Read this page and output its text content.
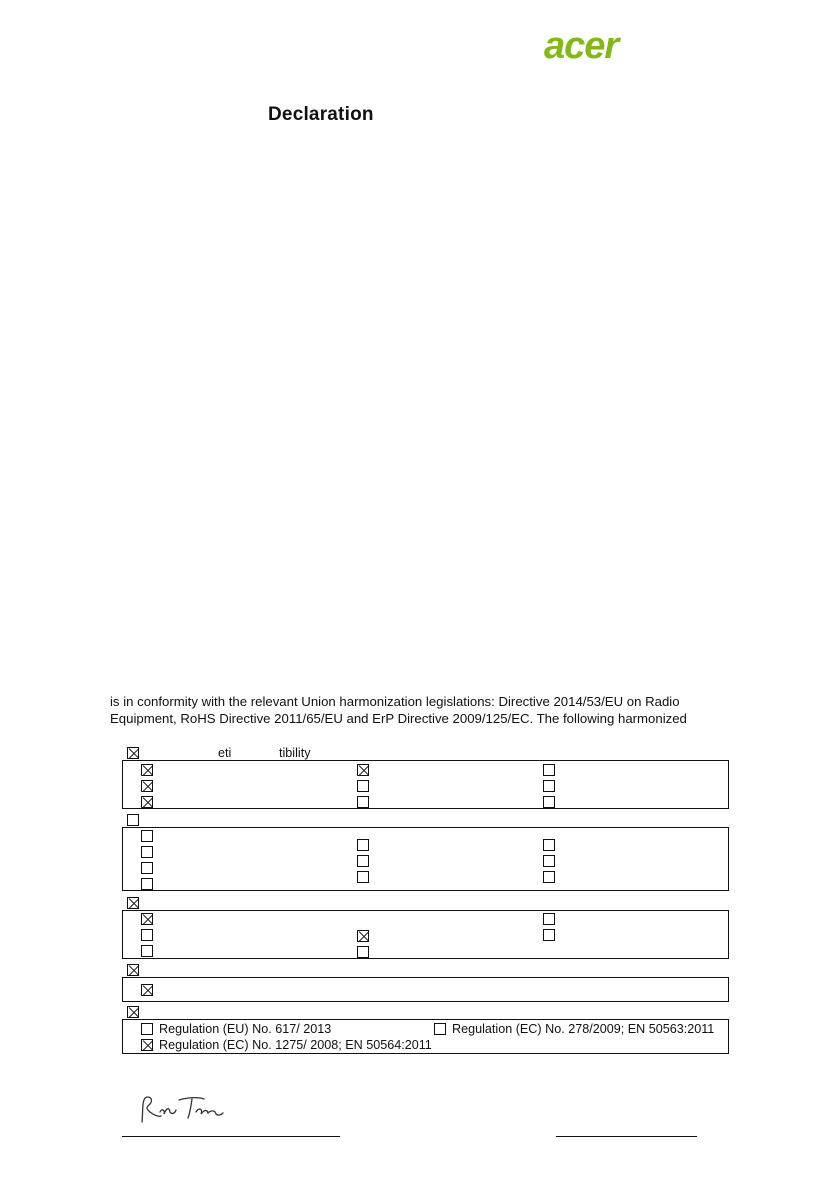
acer
Declaration

is in conformity with the relevant Union harmonization legislations: Directive 2014/53/EU on Radio
Equipment, RoHS Directive 2011/65/EU and ErP Directive 2009/125/EC. The following harmonized

eti	tibility
Regulation (EU) No. 617/ 2013	Regulation (EC) No. 278/2009; EN 50563:2011
Regulation (EC) No. 1275/ 2008; EN 50564:2011
